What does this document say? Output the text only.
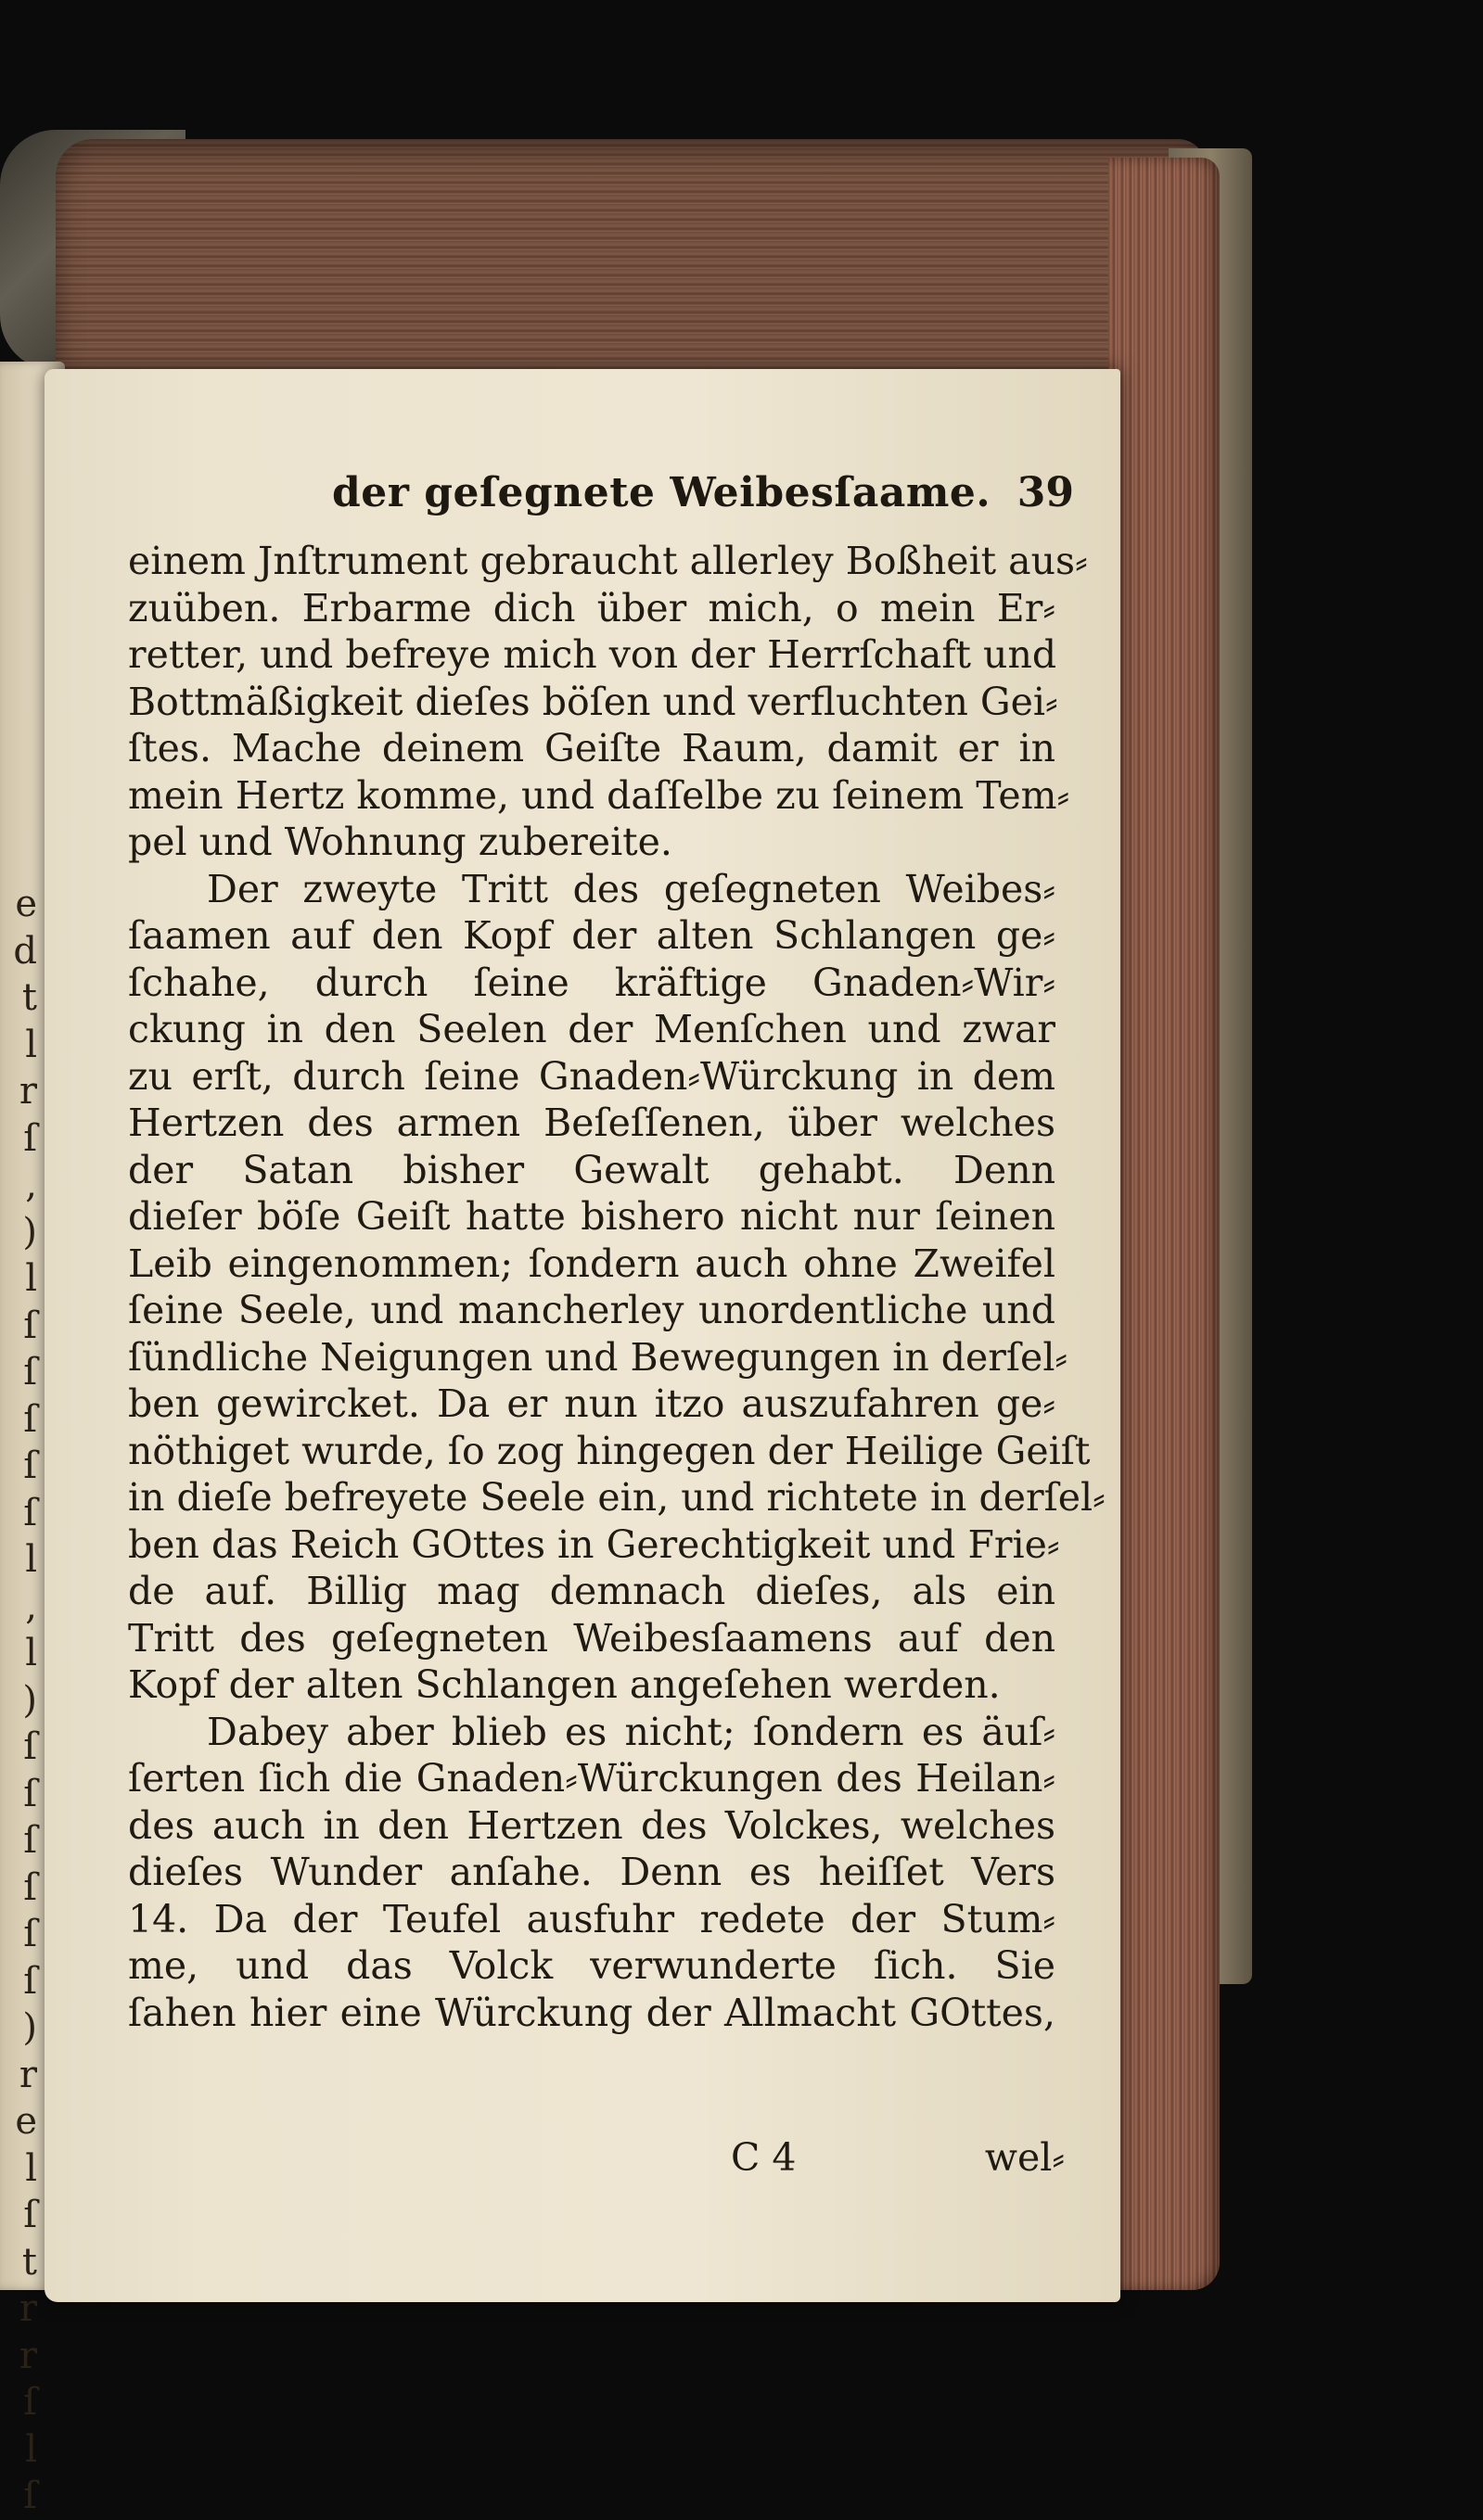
e
d
t
l
r
ſ
,
)
l
ſ
ſ
ſ
ſ
ſ
l
,
l
)
ſ
ſ
ſ
ſ
ſ
ſ
)
r
e
l
ſ
t
r
r
ſ
l
ſ
der geſegnete Weibesſaame. 39
einem Jnſtrument gebraucht allerley Boßheit aus⸗
zuüben. Erbarme dich über mich, o mein Er⸗
retter, und befreye mich von der Herrſchaft und
Bottmäßigkeit dieſes böſen und verfluchten Gei⸗
ſtes. Mache deinem Geiſte Raum, damit er in
mein Hertz komme, und daſſelbe zu ſeinem Tem⸗
pel und Wohnung zubereite.
Der zweyte Tritt des geſegneten Weibes⸗
ſaamen auf den Kopf der alten Schlangen ge⸗
ſchahe, durch ſeine kräftige Gnaden⸗Wir⸗
ckung in den Seelen der Menſchen und zwar
zu erſt, durch ſeine Gnaden⸗Würckung in dem
Hertzen des armen Beſeſſenen, über welches
der Satan bisher Gewalt gehabt. Denn
dieſer böſe Geiſt hatte bishero nicht nur ſeinen
Leib eingenommen; ſondern auch ohne Zweifel
ſeine Seele, und mancherley unordentliche und
ſündliche Neigungen und Bewegungen in derſel⸗
ben gewircket. Da er nun itzo auszufahren ge⸗
nöthiget wurde, ſo zog hingegen der Heilige Geiſt
in dieſe befreyete Seele ein, und richtete in derſel⸗
ben das Reich GOttes in Gerechtigkeit und Frie⸗
de auf. Billig mag demnach dieſes, als ein
Tritt des geſegneten Weibesſaamens auf den
Kopf der alten Schlangen angeſehen werden.
Dabey aber blieb es nicht; ſondern es äuſ⸗
ſerten ſich die Gnaden⸗Würckungen des Heilan⸗
des auch in den Hertzen des Volckes, welches
dieſes Wunder anſahe. Denn es heiſſet Vers
14. Da der Teufel ausfuhr redete der Stum⸗
me, und das Volck verwunderte ſich. Sie
ſahen hier eine Würckung der Allmacht GOttes,
C 4	wel⸗
